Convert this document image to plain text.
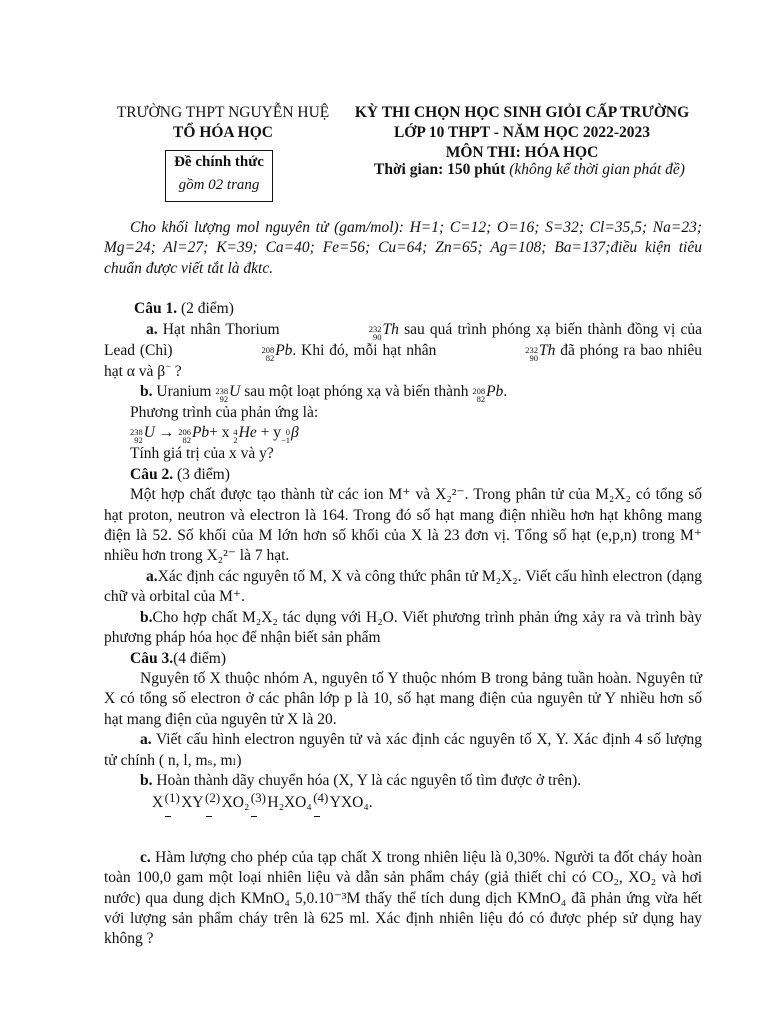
TRƯỜNG THPT NGUYỄN HUỆ
TỔ HÓA HỌC
KỲ THI CHỌN HỌC SINH GIỎI CẤP TRƯỜNG
LỚP 10 THPT - NĂM HỌC 2022-2023
MÔN THI: HÓA HỌC
Đề chính thức
gồm 02 trang
Thời gian: 150 phút (không kể thời gian phát đề)

Cho khối lượng mol nguyên tử (gam/mol): H=1; C=12; O=16; S=32; Cl=35,5; Na=23; Mg=24; Al=27; K=39; Ca=40; Fe=56; Cu=64; Zn=65; Ag=108; Ba=137;điều kiện tiêu chuẩn được viết tắt là đktc.

Câu 1. (2 điểm)

a. Hạt nhân Thorium	232
90 Th sau quá trình phóng xạ biến thành đồng vị của Lead (Chì)	208
82 Pb. Khi đó, mỗi hạt nhân	232
90 Th đã phóng ra bao nhiêu hạt α và β− ?

b. Uranium 238
92 U sau một loạt phóng xạ và biến thành 208
82 Pb.

Phương trình của phản ứng là:

238
92 U → 206
82 Pb+ x 4
2 He + y 0
−1 β

Tính giá trị của x và y?

Câu 2. (3 điểm)

Một hợp chất được tạo thành từ các ion M⁺ và X₂²⁻. Trong phân tử của M₂X₂ có tổng số hạt proton, neutron và electron là 164. Trong đó số hạt mang điện nhiều hơn hạt không mang điện là 52. Số khối của M lớn hơn số khối của X là 23 đơn vị. Tổng số hạt (e,p,n) trong M⁺ nhiều hơn trong X₂²⁻ là 7 hạt.

a.Xác định các nguyên tố M, X và công thức phân tử M₂X₂. Viết cấu hình electron (dạng chữ và orbital của M⁺.

b.Cho hợp chất M₂X₂ tác dụng với H₂O. Viết phương trình phản ứng xảy ra và trình bày phương pháp hóa học để nhận biết sản phẩm

Câu 3.(4 điểm)

Nguyên tố X thuộc nhóm A, nguyên tố Y thuộc nhóm B trong bảng tuần hoàn. Nguyên tử X có tổng số electron ở các phân lớp p là 10, số hạt mang điện của nguyên tử Y nhiều hơn số hạt mang điện của nguyên tử X là 20.

a. Viết cấu hình electron nguyên tử và xác định các nguyên tố X, Y. Xác định 4 số lượng tử chính ( n, l, mₛ, mₗ)

b. Hoàn thành dãy chuyển hóa (X, Y là các nguyên tố tìm được ở trên).

$X^{(1)}$
XY$^{(2)}$
XO₂$^{(3)}$
H₂XO₄$^{(4)}$
YXO₄.

c. Hàm lượng cho phép của tạp chất X trong nhiên liệu là 0,30%. Người ta đốt cháy hoàn toàn 100,0 gam một loại nhiên liệu và dẫn sản phẩm cháy (giả thiết chỉ có CO₂, XO₂ và hơi nước) qua dung dịch KMnO₄ 5,0.10⁻³M thấy thể tích dung dịch KMnO₄ đã phản ứng vừa hết với lượng sản phẩm cháy trên là 625 ml. Xác định nhiên liệu đó có được phép sử dụng hay không ?
